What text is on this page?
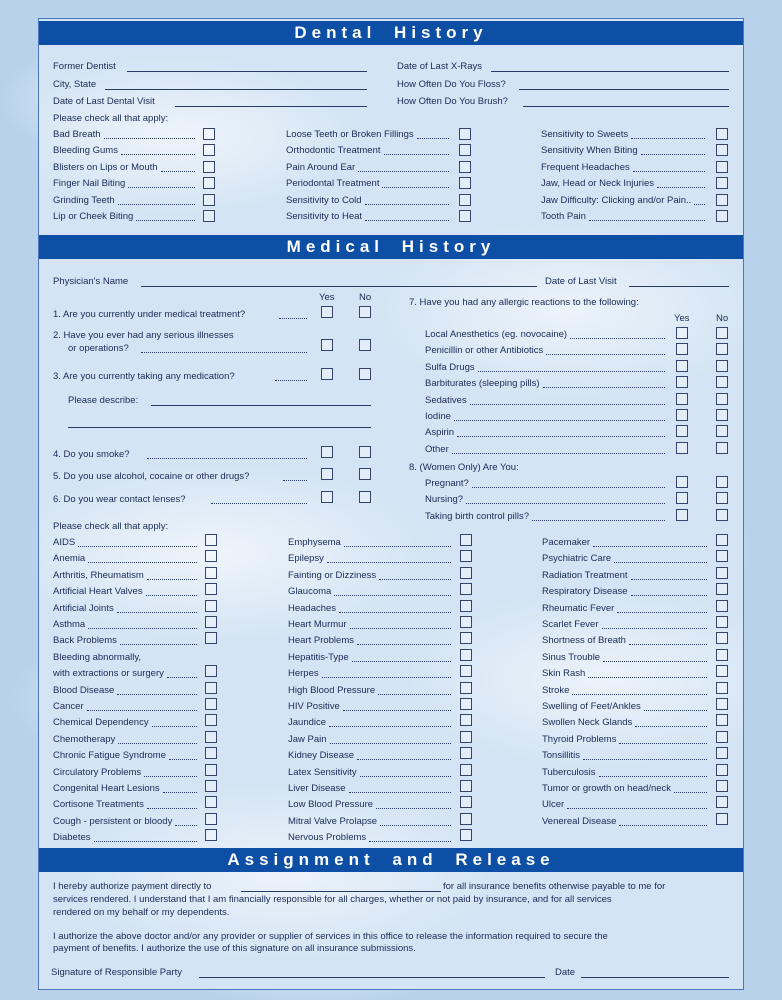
Dental History
Former Dentist
City, State
Date of Last Dental Visit
Date of Last X-Rays
How Often Do You Floss?
How Often Do You Brush?
Please check all that apply:
Bad Breath
Bleeding Gums
Blisters on Lips or Mouth
Finger Nail Biting
Grinding Teeth
Lip or Cheek Biting
Loose Teeth or Broken Fillings
Orthodontic Treatment
Pain Around Ear
Periodontal Treatment
Sensitivity to Cold
Sensitivity to Heat
Sensitivity to Sweets
Sensitivity When Biting
Frequent Headaches
Jaw, Head or Neck Injuries
Jaw Difficulty: Clicking and/or Pain..
Tooth Pain
Medical History
Physician's Name	Date of Last Visit
Yes	No
1. Are you currently under medical treatment?
2. Have you ever had any serious illnesses
or operations?
3. Are you currently taking any medication?
Please describe:
4. Do you smoke?
5. Do you use alcohol, cocaine or other drugs?
6. Do you wear contact lenses?
7. Have you had any allergic reactions to the following:
Yes	No
Local Anesthetics (eg. novocaine)
Penicillin or other Antibiotics
Sulfa Drugs
Barbiturates (sleeping pills)
Sedatives
Iodine
Aspirin
Other
8. (Women Only) Are You:
Pregnant?
Nursing?
Taking birth control pills?
Please check all that apply:
AIDS
Anemia
Arthritis, Rheumatism
Artificial Heart Valves
Artificial Joints
Asthma
Back Problems
Bleeding abnormally,
with extractions or surgery
Blood Disease
Cancer
Chemical Dependency
Chemotherapy
Chronic Fatigue Syndrome
Circulatory Problems
Congenital Heart Lesions
Cortisone Treatments
Cough - persistent or bloody
Diabetes
Emphysema
Epilepsy
Fainting or Dizziness
Glaucoma
Headaches
Heart Murmur
Heart Problems
Hepatitis-Type
Herpes
High Blood Pressure
HIV Positive
Jaundice
Jaw Pain
Kidney Disease
Latex Sensitivity
Liver Disease
Low Blood Pressure
Mitral Valve Prolapse
Nervous Problems
Pacemaker
Psychiatric Care
Radiation Treatment
Respiratory Disease
Rheumatic Fever
Scarlet Fever
Shortness of Breath
Sinus Trouble
Skin Rash
Stroke
Swelling of Feet/Ankles
Swollen Neck Glands
Thyroid Problems
Tonsillitis
Tuberculosis
Tumor or growth on head/neck
Ulcer
Venereal Disease
Assignment and Release
I hereby authorize payment directly to	for all insurance benefits otherwise payable to me for
services rendered. I understand that I am financially responsible for all charges, whether or not paid by insurance, and for all services
rendered on my behalf or my dependents.
I authorize the above doctor and/or any provider or supplier of services in this office to release the information required to secure the
payment of benefits. I authorize the use of this signature on all insurance submissions.
Signature of Responsible Party	Date
